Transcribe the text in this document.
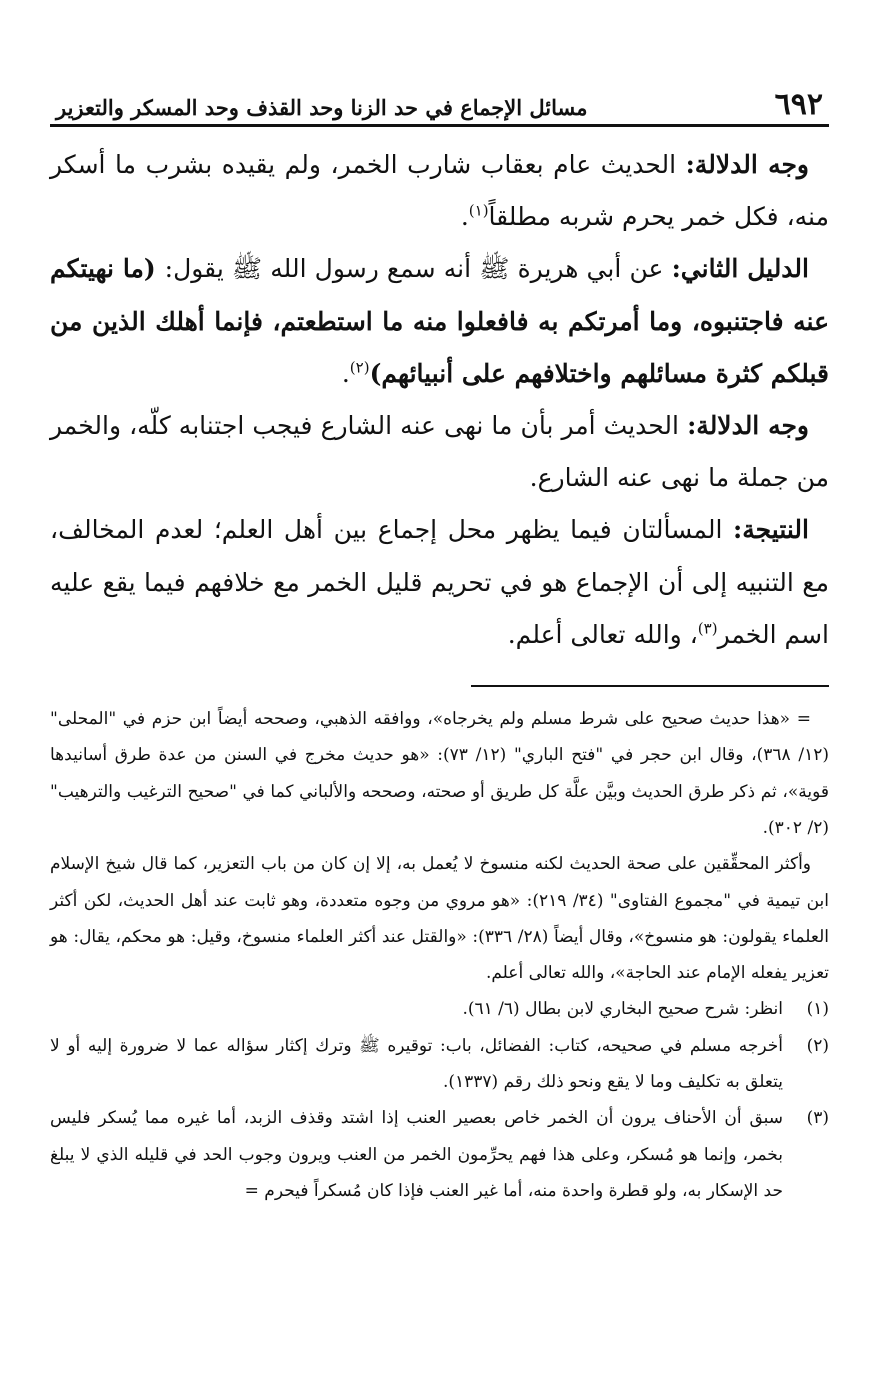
٦٩٢
مسائل الإجماع في حد الزنا وحد القذف وحد المسكر والتعزير

وجه الدلالة: الحديث عام بعقاب شارب الخمر، ولم يقيده بشرب ما أسكر منه، فكل خمر يحرم شربه مطلقاً$^{(١)}$.

الدليل الثاني: عن أبي هريرة ﷺ أنه سمع رسول الله ﷺ يقول: (ما نهيتكم عنه فاجتنبوه، وما أمرتكم به فافعلوا منه ما استطعتم، فإنما أهلك الذين من قبلكم كثرة مسائلهم واختلافهم على أنبيائهم)$^{(٢)}$.

وجه الدلالة: الحديث أمر بأن ما نهى عنه الشارع فيجب اجتنابه كلّه، والخمر من جملة ما نهى عنه الشارع.

النتيجة: المسألتان فيما يظهر محل إجماع بين أهل العلم؛ لعدم المخالف، مع التنبيه إلى أن الإجماع هو في تحريم قليل الخمر مع خلافهم فيما يقع عليه اسم الخمر$^{(٣)}$، والله تعالى أعلم.

= «هذا حديث صحيح على شرط مسلم ولم يخرجاه»، ووافقه الذهبي، وصححه أيضاً ابن حزم في "المحلى" (١٢/ ٣٦٨)، وقال ابن حجر في "فتح الباري" (١٢/ ٧٣): «هو حديث مخرج في السنن من عدة طرق أسانيدها قوية»، ثم ذكر طرق الحديث وبيَّن علَّة كل طريق أو صحته، وصححه والألباني كما في "صحيح الترغيب والترهيب" (٢/ ٣٠٢).

وأكثر المحقِّقين على صحة الحديث لكنه منسوخ لا يُعمل به، إلا إن كان من باب التعزير، كما قال شيخ الإسلام ابن تيمية في "مجموع الفتاوى" (٣٤/ ٢١٩): «هو مروي من وجوه متعددة، وهو ثابت عند أهل الحديث، لكن أكثر العلماء يقولون: هو منسوخ»، وقال أيضاً (٢٨/ ٣٣٦): «والقتل عند أكثر العلماء منسوخ، وقيل: هو محكم، يقال: هو تعزير يفعله الإمام عند الحاجة»، والله تعالى أعلم.

(١)
انظر: شرح صحيح البخاري لابن بطال (٦/ ٦١).

(٢)
أخرجه مسلم في صحيحه، كتاب: الفضائل، باب: توقيره ﷺ وترك إكثار سؤاله عما لا ضرورة إليه أو لا يتعلق به تكليف وما لا يقع ونحو ذلك رقم (١٣٣٧).

(٣)
سبق أن الأحناف يرون أن الخمر خاص بعصير العنب إذا اشتد وقذف الزبد، أما غيره مما يُسكر فليس بخمر، وإنما هو مُسكر، وعلى هذا فهم يحرِّمون الخمر من العنب ويرون وجوب الحد في قليله الذي لا يبلغ حد الإسكار به، ولو قطرة واحدة منه، أما غير العنب فإذا كان مُسكراً فيحرم =
